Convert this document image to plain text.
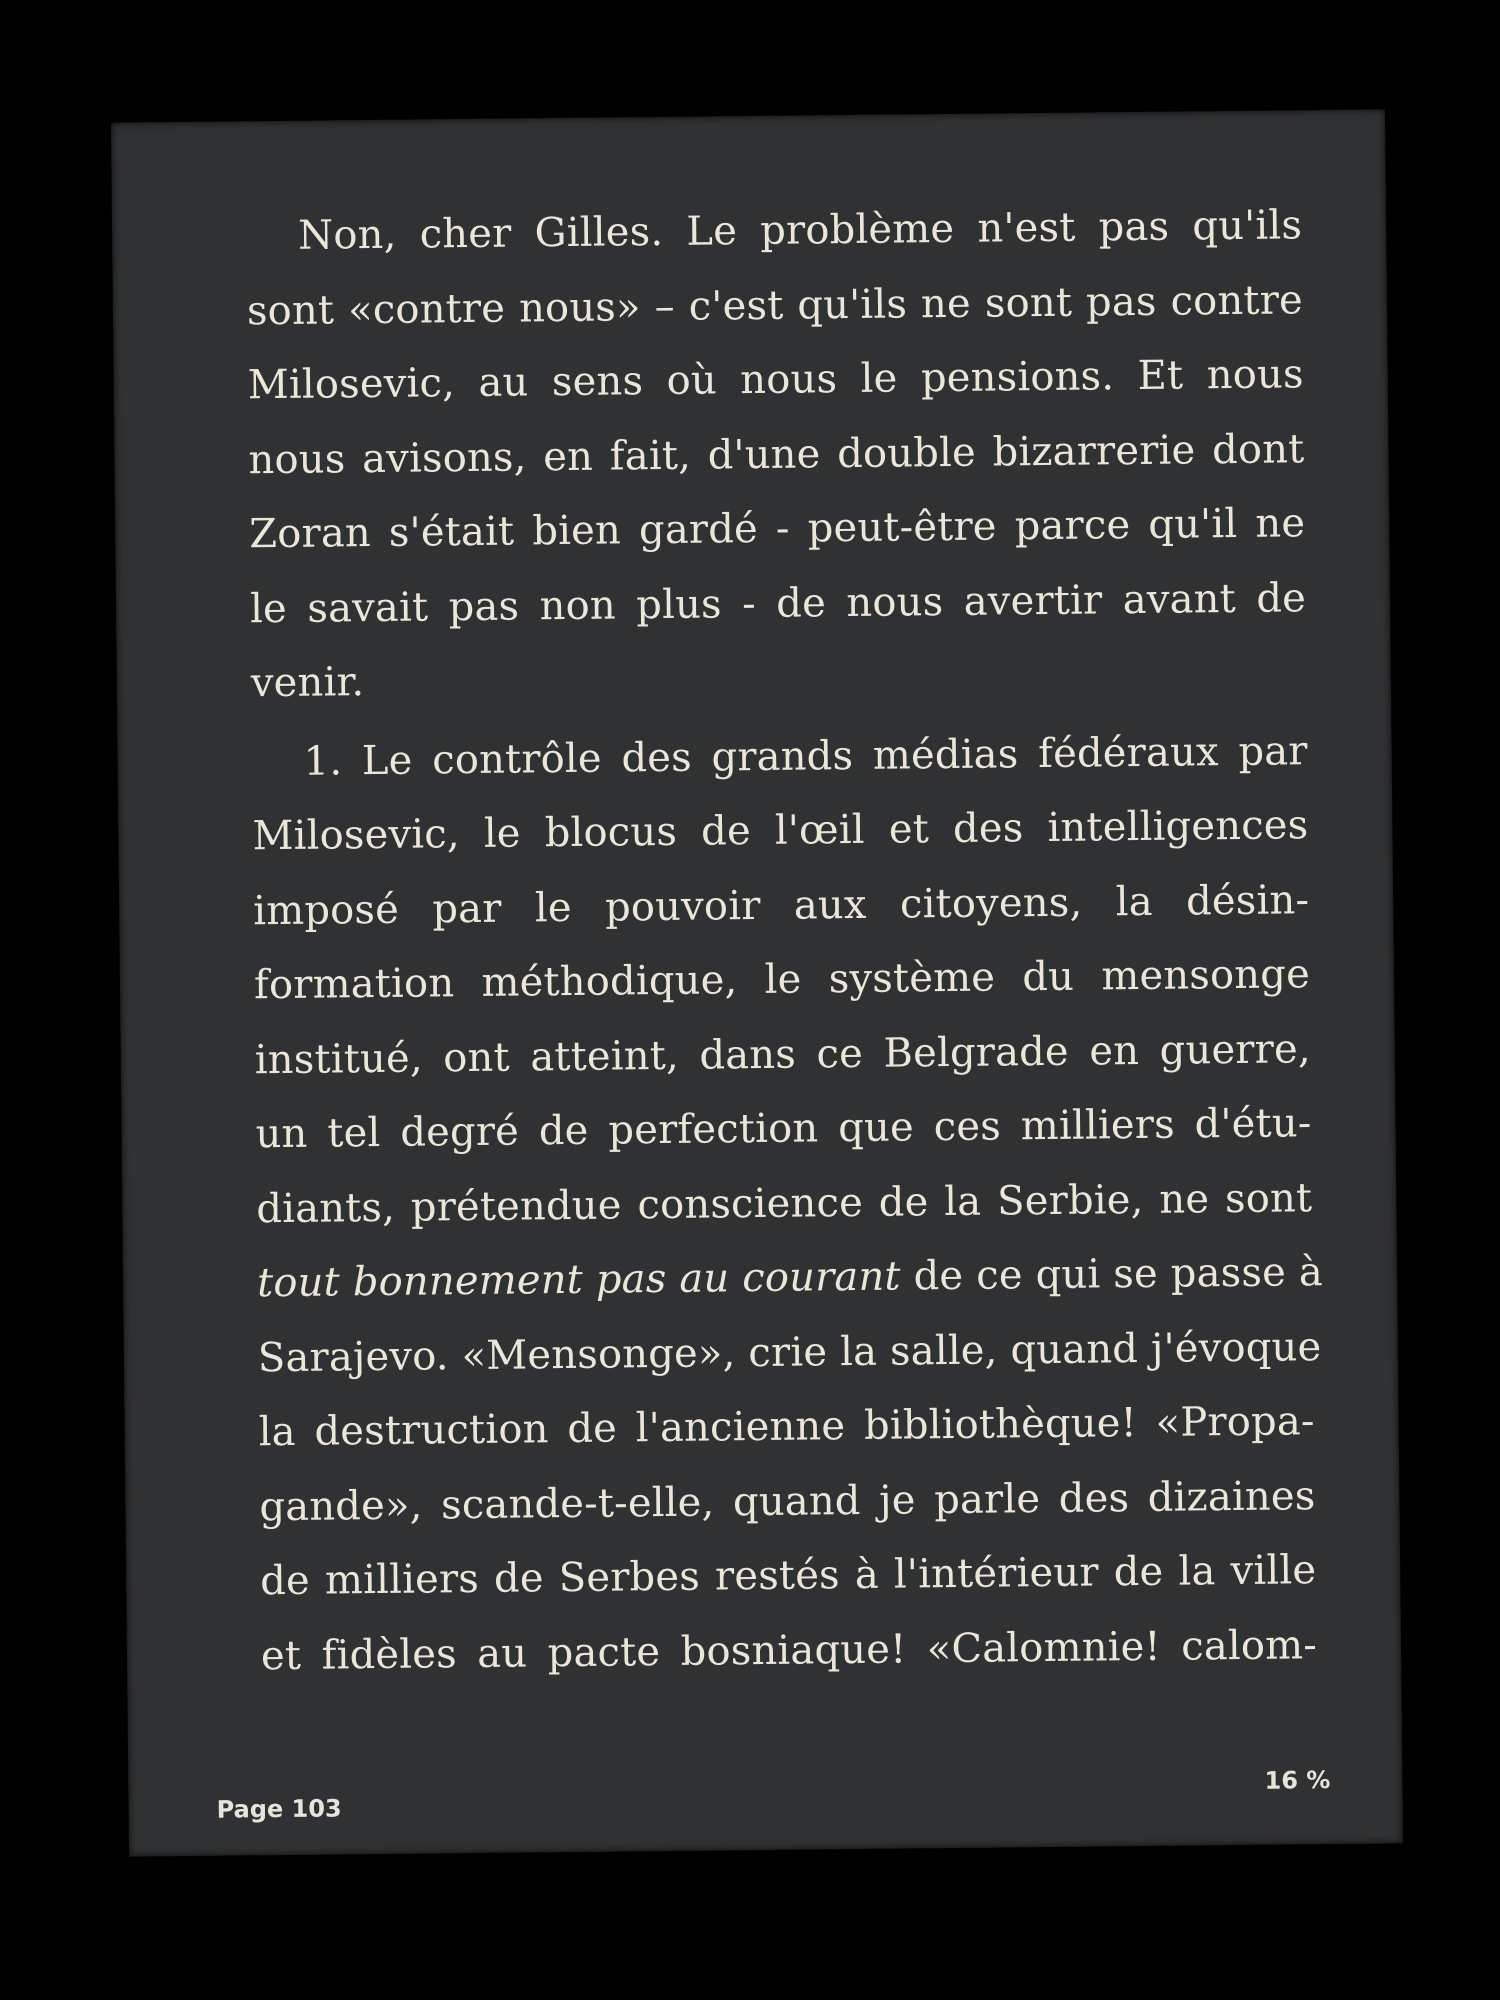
Non, cher Gilles. Le problème n'est pas qu'ils
sont «contre nous» – c'est qu'ils ne sont pas contre
Milosevic, au sens où nous le pensions. Et nous
nous avisons, en fait, d'une double bizarrerie dont
Zoran s'était bien gardé - peut-être parce qu'il ne
le savait pas non plus - de nous avertir avant de
venir.
1. Le contrôle des grands médias fédéraux par
Milosevic, le blocus de l'œil et des intelligences
imposé par le pouvoir aux citoyens, la désin-
formation méthodique, le système du mensonge
institué, ont atteint, dans ce Belgrade en guerre,
un tel degré de perfection que ces milliers d'étu-
diants, prétendue conscience de la Serbie, ne sont
tout bonnement pas au courant de ce qui se passe à
Sarajevo. «Mensonge», crie la salle, quand j'évoque
la destruction de l'ancienne bibliothèque! «Propa-
gande», scande-t-elle, quand je parle des dizaines
de milliers de Serbes restés à l'intérieur de la ville
et fidèles au pacte bosniaque! «Calomnie! calom-
Page 103
16 %
